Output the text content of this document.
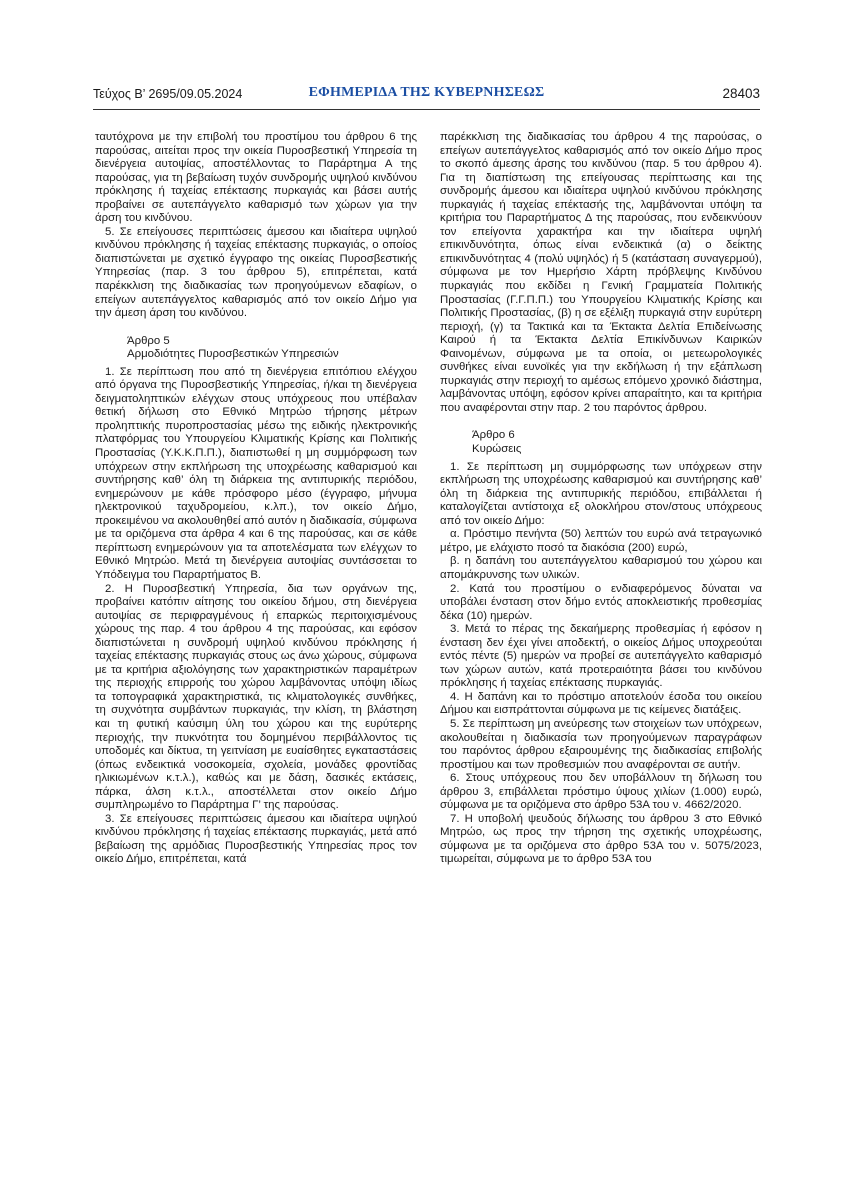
Τεύχος Β’ 2695/09.05.2024	ΕΦΗΜΕΡΙΔΑ ΤΗΣ ΚΥΒΕΡΝΗΣΕΩΣ	28403

ταυτόχρονα με την επιβολή του προστίμου του άρθρου 6 της παρούσας, αιτείται προς την οικεία Πυροσβεστική Υπηρεσία τη διενέργεια αυτοψίας, αποστέλλοντας το Παράρτημα Α της παρούσας, για τη βεβαίωση τυχόν συνδρομής υψηλού κινδύνου πρόκλησης ή ταχείας επέκτασης πυρκαγιάς και βάσει αυτής προβαίνει σε αυτεπάγγελτο καθαρισμό των χώρων για την άρση του κινδύνου.

5. Σε επείγουσες περιπτώσεις άμεσου και ιδιαίτερα υψηλού κινδύνου πρόκλησης ή ταχείας επέκτασης πυρκαγιάς, ο οποίος διαπιστώνεται με σχετικό έγγραφο της οικείας Πυροσβεστικής Υπηρεσίας (παρ. 3 του άρθρου 5), επιτρέπεται, κατά παρέκκλιση της διαδικασίας των προηγούμενων εδαφίων, ο επείγων αυτεπάγγελτος καθαρισμός από τον οικείο Δήμο για την άμεση άρση του κινδύνου.

Άρθρο 5

Αρμοδιότητες Πυροσβεστικών Υπηρεσιών

1. Σε περίπτωση που από τη διενέργεια επιτόπιου ελέγχου από όργανα της Πυροσβεστικής Υπηρεσίας, ή/και τη διενέργεια δειγματοληπτικών ελέγχων στους υπόχρεους που υπέβαλαν θετική δήλωση στο Εθνικό Μητρώο τήρησης μέτρων προληπτικής πυροπροστασίας μέσω της ειδικής ηλεκτρονικής πλατφόρμας του Υπουργείου Κλιματικής Κρίσης και Πολιτικής Προστασίας (Υ.Κ.Κ.Π.Π.), διαπιστωθεί η μη συμμόρφωση των υπόχρεων στην εκπλήρωση της υποχρέωσης καθαρισμού και συντήρησης καθ’ όλη τη διάρκεια της αντιπυρικής περιόδου, ενημερώνουν με κάθε πρόσφορο μέσο (έγγραφο, μήνυμα ηλεκτρονικού ταχυδρομείου, κ.λπ.), τον οικείο Δήμο, προκειμένου να ακολουθηθεί από αυτόν η διαδικασία, σύμφωνα με τα οριζόμενα στα άρθρα 4 και 6 της παρούσας, και σε κάθε περίπτωση ενημερώνουν για τα αποτελέσματα των ελέγχων το Εθνικό Μητρώο. Μετά τη διενέργεια αυτοψίας συντάσσεται το Υπόδειγμα του Παραρτήματος Β.

2. Η Πυροσβεστική Υπηρεσία, δια των οργάνων της, προβαίνει κατόπιν αίτησης του οικείου δήμου, στη διενέργεια αυτοψίας σε περιφραγμένους ή επαρκώς περιτοιχισμένους χώρους της παρ. 4 του άρθρου 4 της παρούσας, και εφόσον διαπιστώνεται η συνδρομή υψηλού κινδύνου πρόκλησης ή ταχείας επέκτασης πυρκαγιάς στους ως άνω χώρους, σύμφωνα με τα κριτήρια αξιολόγησης των χαρακτηριστικών παραμέτρων της περιοχής επιρροής του χώρου λαμβάνοντας υπόψη ιδίως τα τοπογραφικά χαρακτηριστικά, τις κλιματολογικές συνθήκες, τη συχνότητα συμβάντων πυρκαγιάς, την κλίση, τη βλάστηση και τη φυτική καύσιμη ύλη του χώρου και της ευρύτερης περιοχής, την πυκνότητα του δομημένου περιβάλλοντος τις υποδομές και δίκτυα, τη γειτνίαση με ευαίσθητες εγκαταστάσεις (όπως ενδεικτικά νοσοκομεία, σχολεία, μονάδες φροντίδας ηλικιωμένων κ.τ.λ.), καθώς και με δάση, δασικές εκτάσεις, πάρκα, άλση κ.τ.λ., αποστέλλεται στον οικείο Δήμο συμπληρωμένο το Παράρτημα Γ’ της παρούσας.

3. Σε επείγουσες περιπτώσεις άμεσου και ιδιαίτερα υψηλού κινδύνου πρόκλησης ή ταχείας επέκτασης πυρκαγιάς, μετά από βεβαίωση της αρμόδιας Πυροσβεστικής Υπηρεσίας προς τον οικείο Δήμο, επιτρέπεται, κατά

παρέκκλιση της διαδικασίας του άρθρου 4 της παρούσας, ο επείγων αυτεπάγγελτος καθαρισμός από τον οικείο Δήμο προς το σκοπό άμεσης άρσης του κινδύνου (παρ. 5 του άρθρου 4). Για τη διαπίστωση της επείγουσας περίπτωσης και της συνδρομής άμεσου και ιδιαίτερα υψηλού κινδύνου πρόκλησης πυρκαγιάς ή ταχείας επέκτασής της, λαμβάνονται υπόψη τα κριτήρια του Παραρτήματος Δ της παρούσας, που ενδεικνύουν τον επείγοντα χαρακτήρα και την ιδιαίτερα υψηλή επικινδυνότητα, όπως είναι ενδεικτικά (α) ο δείκτης επικινδυνότητας 4 (πολύ υψηλός) ή 5 (κατάσταση συναγερμού), σύμφωνα με τον Ημερήσιο Χάρτη πρόβλεψης Κινδύνου πυρκαγιάς που εκδίδει η Γενική Γραμματεία Πολιτικής Προστασίας (Γ.Γ.Π.Π.) του Υπουργείου Κλιματικής Κρίσης και Πολιτικής Προστασίας, (β) η σε εξέλιξη πυρκαγιά στην ευρύτερη περιοχή, (γ) τα Τακτικά και τα Έκτακτα Δελτία Επιδείνωσης Καιρού ή τα Έκτακτα Δελτία Επικίνδυνων Καιρικών Φαινομένων, σύμφωνα με τα οποία, οι μετεωρολογικές συνθήκες είναι ευνοϊκές για την εκδήλωση ή την εξάπλωση πυρκαγιάς στην περιοχή το αμέσως επόμενο χρονικό διάστημα, λαμβάνοντας υπόψη, εφόσον κρίνει απαραίτητο, και τα κριτήρια που αναφέρονται στην παρ. 2 του παρόντος άρθρου.

Άρθρο 6

Κυρώσεις

1. Σε περίπτωση μη συμμόρφωσης των υπόχρεων στην εκπλήρωση της υποχρέωσης καθαρισμού και συντήρησης καθ’ όλη τη διάρκεια της αντιπυρικής περιόδου, επιβάλλεται ή καταλογίζεται αντίστοιχα εξ ολοκλήρου στον/στους υπόχρεους από τον οικείο Δήμο:

α. Πρόστιμο πενήντα (50) λεπτών του ευρώ ανά τετραγωνικό μέτρο, με ελάχιστο ποσό τα διακόσια (200) ευρώ,

β. η δαπάνη του αυτεπάγγελτου καθαρισμού του χώρου και απομάκρυνσης των υλικών.

2. Κατά του προστίμου ο ενδιαφερόμενος δύναται να υποβάλει ένσταση στον δήμο εντός αποκλειστικής προθεσμίας δέκα (10) ημερών.

3. Μετά το πέρας της δεκαήμερης προθεσμίας ή εφόσον η ένσταση δεν έχει γίνει αποδεκτή, ο οικείος Δήμος υποχρεούται εντός πέντε (5) ημερών να προβεί σε αυτεπάγγελτο καθαρισμό των χώρων αυτών, κατά προτεραιότητα βάσει του κινδύνου πρόκλησης ή ταχείας επέκτασης πυρκαγιάς.

4. Η δαπάνη και το πρόστιμο αποτελούν έσοδα του οικείου Δήμου και εισπράττονται σύμφωνα με τις κείμενες διατάξεις.

5. Σε περίπτωση μη ανεύρεσης των στοιχείων των υπόχρεων, ακολουθείται η διαδικασία των προηγούμενων παραγράφων του παρόντος άρθρου εξαιρουμένης της διαδικασίας επιβολής προστίμου και των προθεσμιών που αναφέρονται σε αυτήν.

6. Στους υπόχρεους που δεν υποβάλλουν τη δήλωση του άρθρου 3, επιβάλλεται πρόστιμο ύψους χιλίων (1.000) ευρώ, σύμφωνα με τα οριζόμενα στο άρθρο 53Α του ν. 4662/2020.

7. Η υποβολή ψευδούς δήλωσης του άρθρου 3 στο Εθνικό Μητρώο, ως προς την τήρηση της σχετικής υποχρέωσης, σύμφωνα με τα οριζόμενα στο άρθρο 53Α του ν. 5075/2023, τιμωρείται, σύμφωνα με το άρθρο 53Α του
